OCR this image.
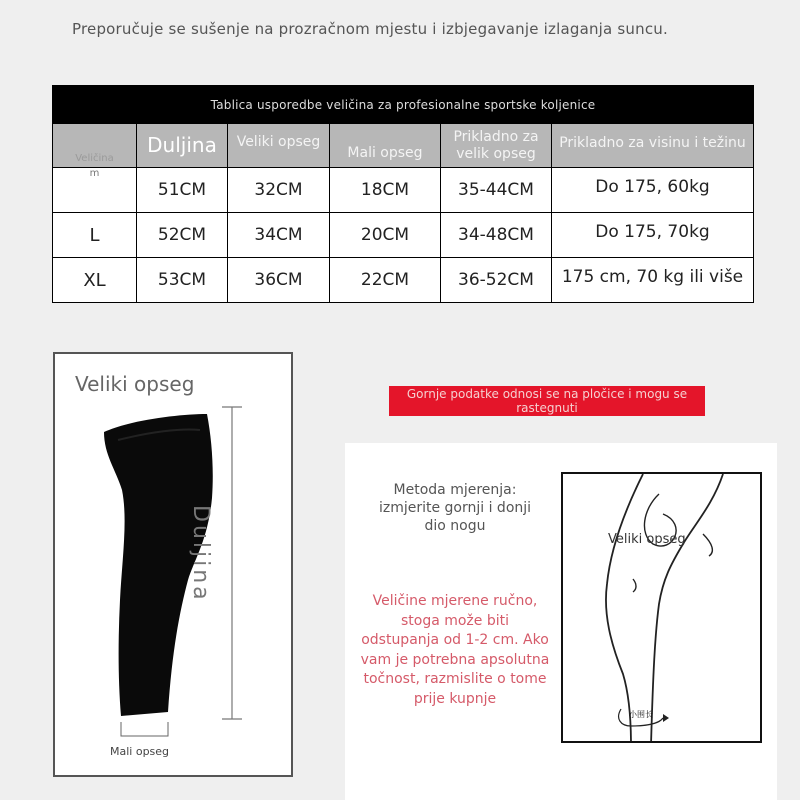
Preporučuje se sušenje na prozračnom mjestu i izbjegavanje izlaganja suncu.
Tablica usporedbe veličina za profesionalne sportske koljenice					
Veličina	Duljina	Veliki opseg	Mali opseg	Prikladno za velik opseg	Prikladno za visinu i težinu
m	51CM	32CM	18CM	35-44CM	Do 175, 60kg
L	52CM	34CM	20CM	34-48CM	Do 175, 70kg
XL	53CM	36CM	22CM	36-52CM	175 cm, 70 kg ili više
Veliki opseg
Duljina
Mali opseg
Gornje podatke odnosi se na pločice i mogu se rastegnuti
Metoda mjerenja: izmjerite gornji i donji dio nogu
Veličine mjerene ručno, stoga može biti odstupanja od 1-2 cm. Ako vam je potrebna apsolutna točnost, razmislite o tome prije kupnje
Veliki opseg
小围长
